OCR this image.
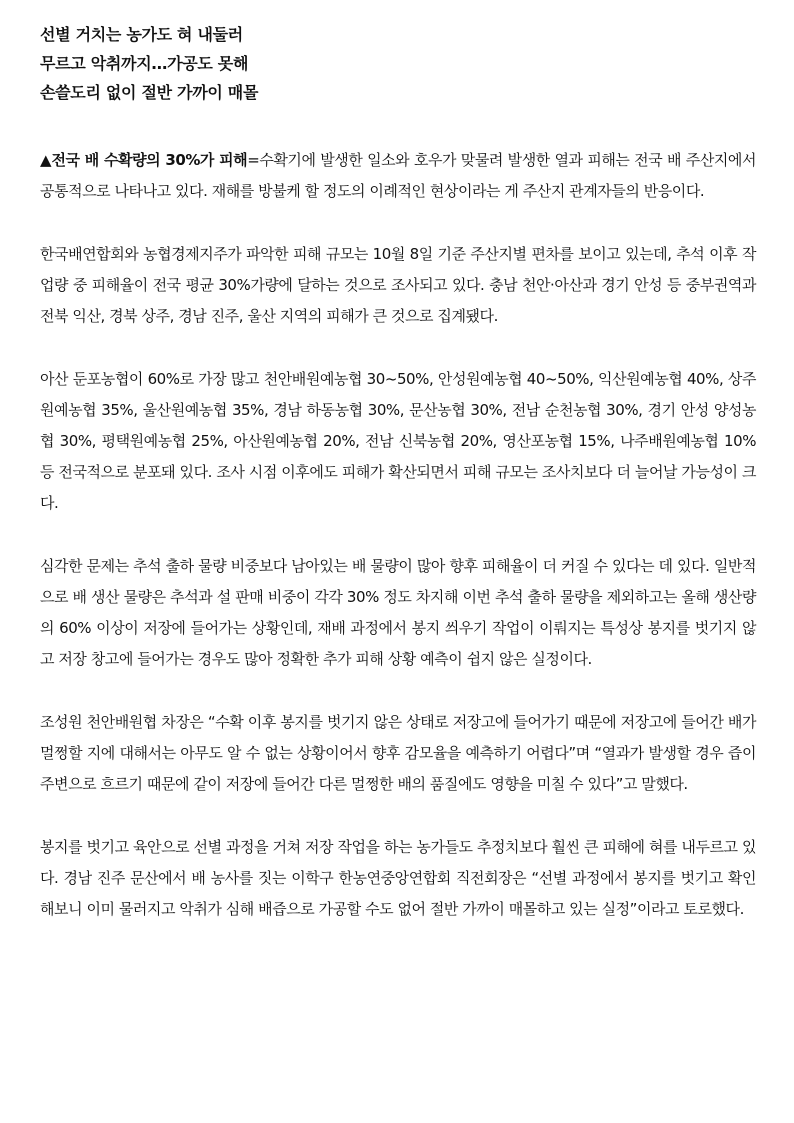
선별 거치는 농가도 혀 내둘러
무르고 악취까지…가공도 못해
손쓸도리 없이 절반 가까이 매몰

▲전국 배 수확량의 30%가 피해=수확기에 발생한 일소와 호우가 맞물려 발생한 열과 피해는 전국 배 주산지에서 공통적으로 나타나고 있다. 재해를 방불케 할 정도의 이례적인 현상이라는 게 주산지 관계자들의 반응이다.

한국배연합회와 농협경제지주가 파악한 피해 규모는 10월 8일 기준 주산지별 편차를 보이고 있는데, 추석 이후 작업량 중 피해율이 전국 평균 30%가량에 달하는 것으로 조사되고 있다. 충남 천안·아산과 경기 안성 등 중부권역과 전북 익산, 경북 상주, 경남 진주, 울산 지역의 피해가 큰 것으로 집계됐다.

아산 둔포농협이 60%로 가장 많고 천안배원예농협 30~50%, 안성원예농협 40~50%, 익산원예농협 40%, 상주원예농협 35%, 울산원예농협 35%, 경남 하동농협 30%, 문산농협 30%, 전남 순천농협 30%, 경기 안성 양성농협 30%, 평택원예농협 25%, 아산원예농협 20%, 전남 신북농협 20%, 영산포농협 15%, 나주배원예농협 10% 등 전국적으로 분포돼 있다. 조사 시점 이후에도 피해가 확산되면서 피해 규모는 조사치보다 더 늘어날 가능성이 크다.

심각한 문제는 추석 출하 물량 비중보다 남아있는 배 물량이 많아 향후 피해율이 더 커질 수 있다는 데 있다. 일반적으로 배 생산 물량은 추석과 설 판매 비중이 각각 30% 정도 차지해 이번 추석 출하 물량을 제외하고는 올해 생산량의 60% 이상이 저장에 들어가는 상황인데, 재배 과정에서 봉지 씌우기 작업이 이뤄지는 특성상 봉지를 벗기지 않고 저장 창고에 들어가는 경우도 많아 정확한 추가 피해 상황 예측이 쉽지 않은 실정이다.

조성원 천안배원협 차장은 “수확 이후 봉지를 벗기지 않은 상태로 저장고에 들어가기 때문에 저장고에 들어간 배가 멀쩡할 지에 대해서는 아무도 알 수 없는 상황이어서 향후 감모율을 예측하기 어렵다”며 “열과가 발생할 경우 즙이 주변으로 흐르기 때문에 같이 저장에 들어간 다른 멀쩡한 배의 품질에도 영향을 미칠 수 있다”고 말했다.

봉지를 벗기고 육안으로 선별 과정을 거쳐 저장 작업을 하는 농가들도 추정치보다 훨씬 큰 피해에 혀를 내두르고 있다. 경남 진주 문산에서 배 농사를 짓는 이학구 한농연중앙연합회 직전회장은 “선별 과정에서 봉지를 벗기고 확인해보니 이미 물러지고 악취가 심해 배즙으로 가공할 수도 없어 절반 가까이 매몰하고 있는 실정”이라고 토로했다.
